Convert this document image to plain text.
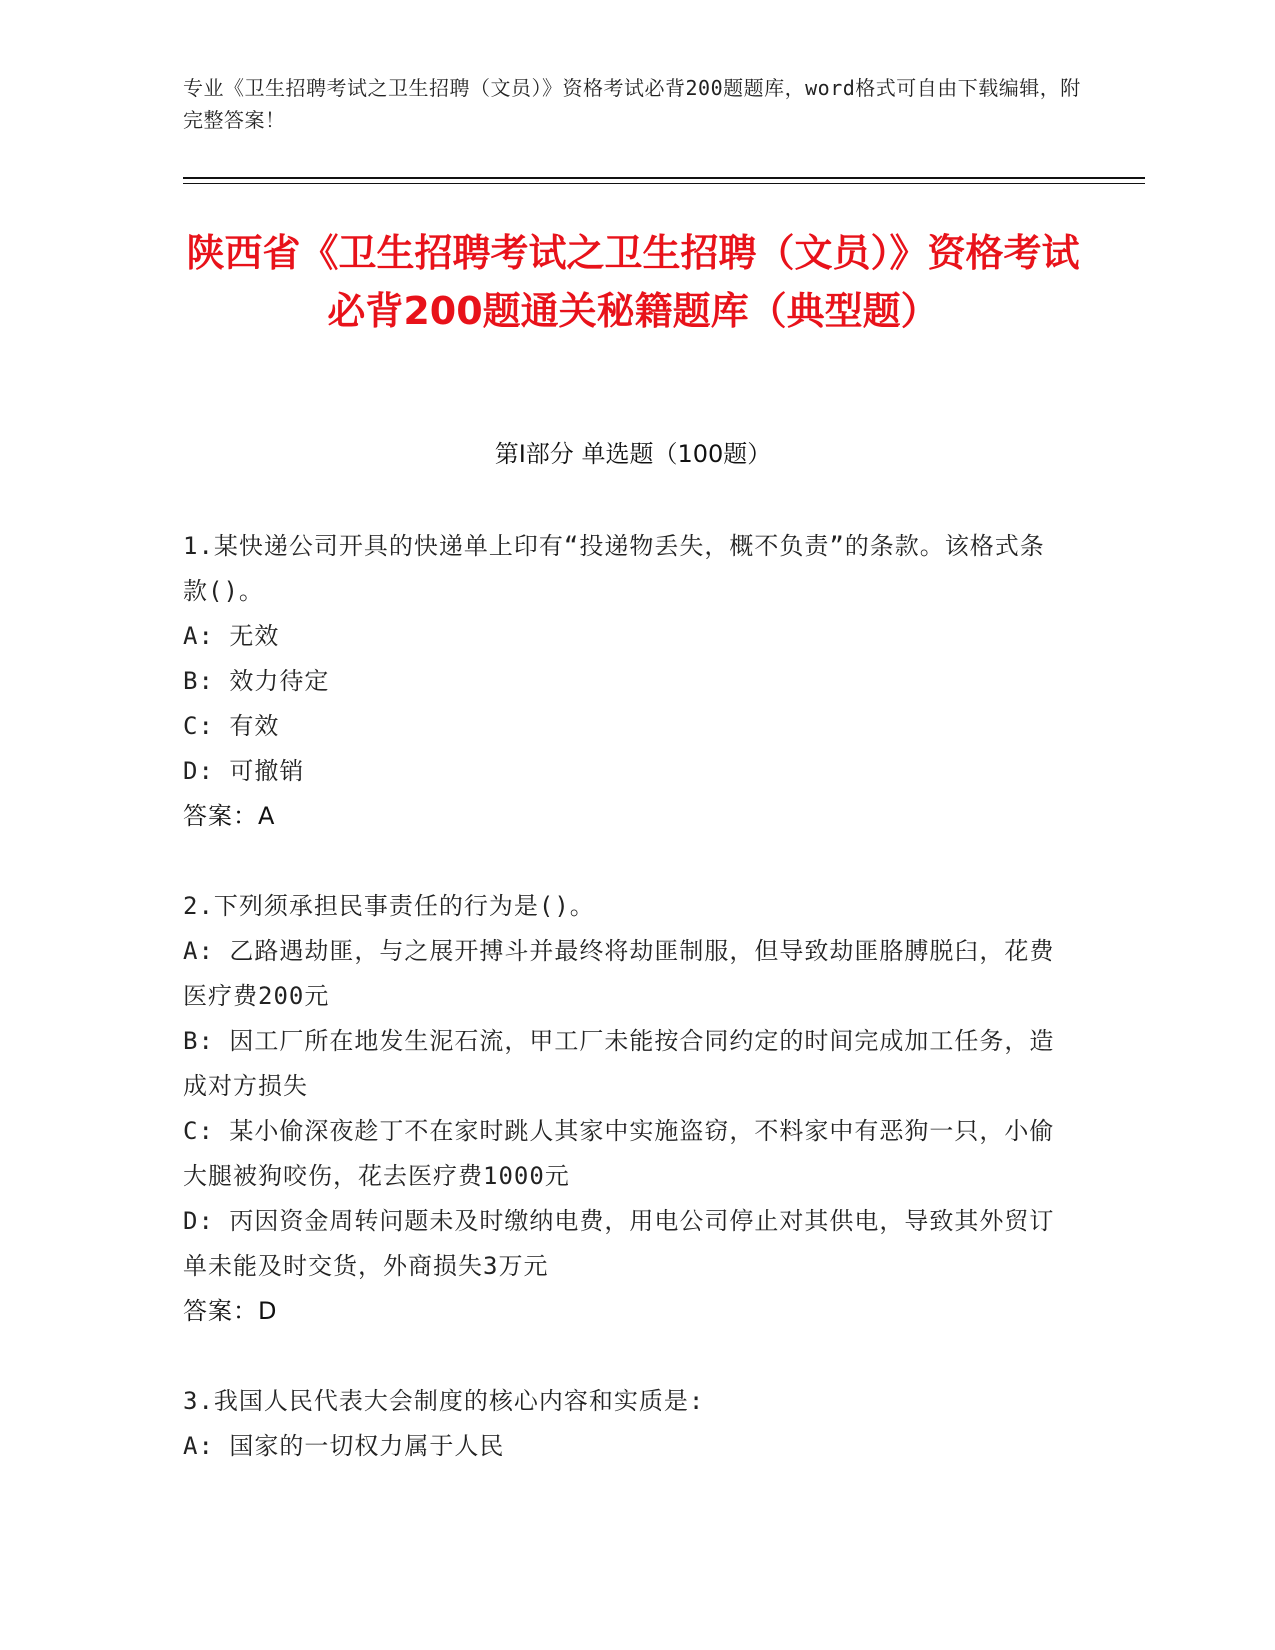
专业《卫生招聘考试之卫生招聘（文员）》资格考试必背200题题库，word格式可自由下载编辑，附完整答案！
陕西省《卫生招聘考试之卫生招聘（文员）》资格考试必背200题通关秘籍题库（典型题）
第Ⅰ部分 单选题（100题）

1.某快递公司开具的快递单上印有“投递物丢失，概不负责”的条款。该格式条款()。

A: 无效

B: 效力待定

C: 有效

D: 可撤销

答案：A

2.下列须承担民事责任的行为是()。

A: 乙路遇劫匪，与之展开搏斗并最终将劫匪制服，但导致劫匪胳膊脱臼，花费医疗费200元

B: 因工厂所在地发生泥石流，甲工厂未能按合同约定的时间完成加工任务，造成对方损失

C: 某小偷深夜趁丁不在家时跳人其家中实施盗窃，不料家中有恶狗一只，小偷大腿被狗咬伤，花去医疗费1000元

D: 丙因资金周转问题未及时缴纳电费，用电公司停止对其供电，导致其外贸订单未能及时交货，外商损失3万元

答案：D

3.我国人民代表大会制度的核心内容和实质是:

A: 国家的一切权力属于人民
